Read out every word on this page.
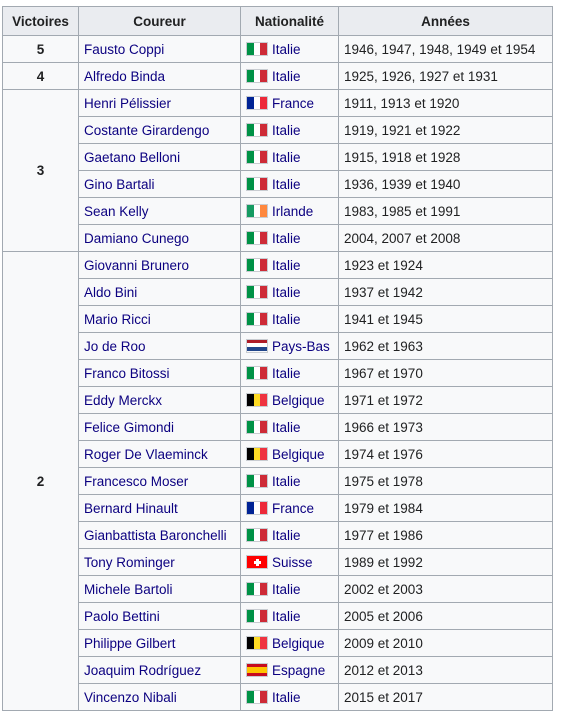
Victoires	Coureur	Nationalité	Années
5	Fausto Coppi	Italie	1946, 1947, 1948, 1949 et 1954
4	Alfredo Binda	Italie	1925, 1926, 1927 et 1931
3	Henri Pélissier	France	1911, 1913 et 1920
	Costante Girardengo	Italie	1919, 1921 et 1922
	Gaetano Belloni	Italie	1915, 1918 et 1928
	Gino Bartali	Italie	1936, 1939 et 1940
	Sean Kelly	Irlande	1983, 1985 et 1991
	Damiano Cunego	Italie	2004, 2007 et 2008
2	Giovanni Brunero	Italie	1923 et 1924
	Aldo Bini	Italie	1937 et 1942
	Mario Ricci	Italie	1941 et 1945
	Jo de Roo	Pays-Bas	1962 et 1963
	Franco Bitossi	Italie	1967 et 1970
	Eddy Merckx	Belgique	1971 et 1972
	Felice Gimondi	Italie	1966 et 1973
	Roger De Vlaeminck	Belgique	1974 et 1976
	Francesco Moser	Italie	1975 et 1978
	Bernard Hinault	France	1979 et 1984
	Gianbattista Baronchelli	Italie	1977 et 1986
	Tony Rominger	Suisse	1989 et 1992
	Michele Bartoli	Italie	2002 et 2003
	Paolo Bettini	Italie	2005 et 2006
	Philippe Gilbert	Belgique	2009 et 2010
	Joaquim Rodríguez	Espagne	2012 et 2013
	Vincenzo Nibali	Italie	2015 et 2017
